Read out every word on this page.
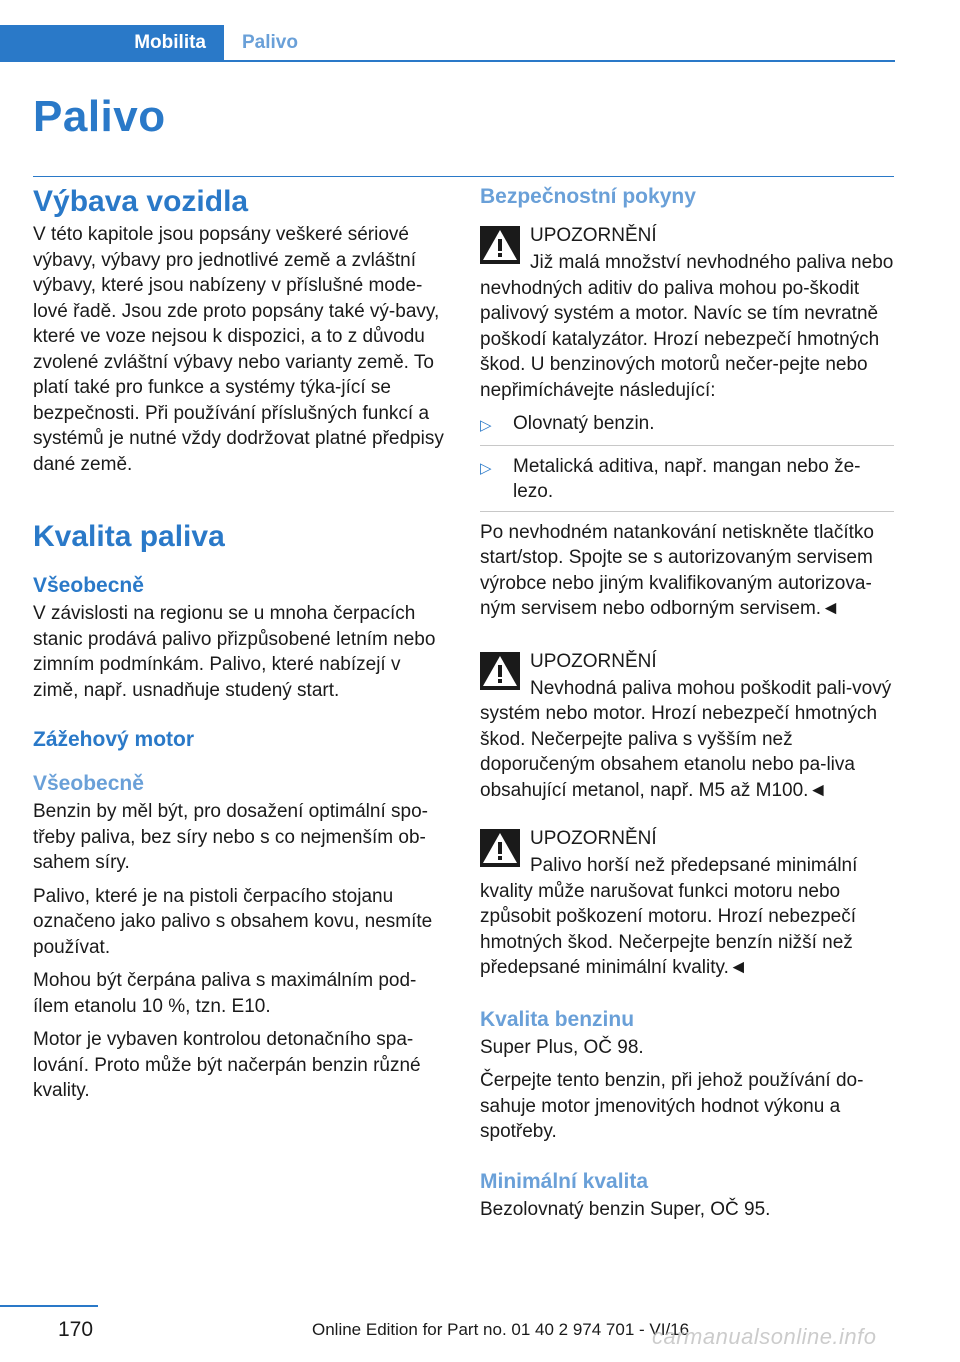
Mobilita	Palivo
Palivo
Výbava vozidla
V této kapitole jsou popsány veškeré sériové výbavy, výbavy pro jednotlivé země a zvláštní výbavy, které jsou nabízeny v příslušné mode-lové řadě. Jsou zde proto popsány také vý-bavy, které ve voze nejsou k dispozici, a to z důvodu zvolené zvláštní výbavy nebo varianty země. To platí také pro funkce a systémy týka-jící se bezpečnosti. Při používání příslušných funkcí a systémů je nutné vždy dodržovat platné předpisy dané země.
Kvalita paliva
Všeobecně
V závislosti na regionu se u mnoha čerpacích stanic prodává palivo přizpůsobené letním nebo zimním podmínkám. Palivo, které nabízejí v zimě, např. usnadňuje studený start.
Zážehový motor
Všeobecně
Benzin by měl být, pro dosažení optimální spo-třeby paliva, bez síry nebo s co nejmenším ob-sahem síry.
Palivo, které je na pistoli čerpacího stojanu označeno jako palivo s obsahem kovu, nesmíte používat.
Mohou být čerpána paliva s maximálním pod-ílem etanolu 10 %, tzn. E10.
Motor je vybaven kontrolou detonačního spa-lování. Proto může být načerpán benzin různé kvality.
Bezpečnostní pokyny
UPOZORNĚNÍ
Již malá množství nevhodného paliva nebo nevhodných aditiv do paliva mohou po-škodit palivový systém a motor. Navíc se tím nevratně poškodí katalyzátor. Hrozí nebezpečí hmotných škod. U benzinových motorů nečer-pejte nebo nepřimíchávejte následující:
▷	Olovnatý benzin.
▷	Metalická aditiva, např. mangan nebo že-lezo.
Po nevhodném natankování netiskněte tlačítko start/stop. Spojte se s autorizovaným servisem výrobce nebo jiným kvalifikovaným autorizova-ným servisem nebo odborným servisem.◄
UPOZORNĚNÍ
Nevhodná paliva mohou poškodit pali-vový systém nebo motor. Hrozí nebezpečí hmotných škod. Nečerpejte paliva s vyšším než doporučeným obsahem etanolu nebo pa-liva obsahující metanol, např. M5 až M100.◄
UPOZORNĚNÍ
Palivo horší než předepsané minimální kvality může narušovat funkci motoru nebo způsobit poškození motoru. Hrozí nebezpečí hmotných škod. Nečerpejte benzín nižší než předepsané minimální kvality.◄
Kvalita benzinu
Super Plus, OČ 98.
Čerpejte tento benzin, při jehož používání do-sahuje motor jmenovitých hodnot výkonu a spotřeby.
Minimální kvalita
Bezolovnatý benzin Super, OČ 95.
170	Online Edition for Part no. 01 40 2 974 701 - VI/16
carmanualsonline.info
